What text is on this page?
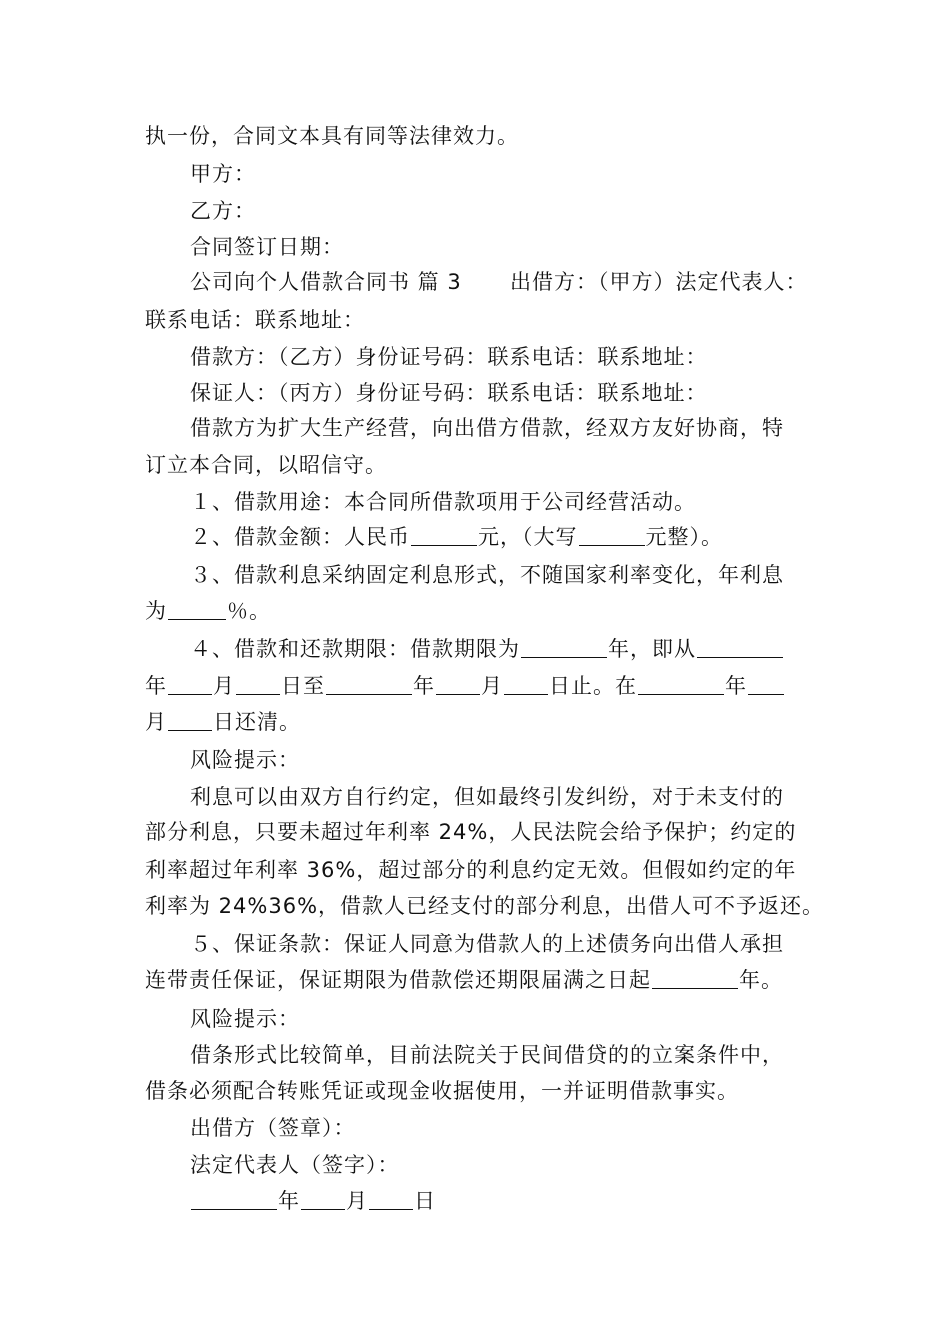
执一份，合同文本具有同等法律效力。
甲方：
乙方：
合同签订日期：
公司向个人借款合同书 篇 3 出借方：（甲方）法定代表人：
联系电话：联系地址：
借款方：（乙方）身份证号码：联系电话：联系地址：
保证人：（丙方）身份证号码：联系电话：联系地址：
借款方为扩大生产经营，向出借方借款，经双方友好协商，特
订立本合同，以昭信守。
１、借款用途：本合同所借款项用于公司经营活动。
２、借款金额：人民币	元，（大写	元整）。
３、借款利息采纳固定利息形式，不随国家利率变化，年利息
为	％。
４、借款和还款期限：借款期限为	年，即从
年 月 日至	年 月 日止。在	年
月 日还清。
风险提示：
利息可以由双方自行约定，但如最终引发纠纷，对于未支付的
部分利息，只要未超过年利率 24%，人民法院会给予保护；约定的
利率超过年利率 36%，超过部分的利息约定无效。但假如约定的年
利率为 24%36%，借款人已经支付的部分利息，出借人可不予返还。
５、保证条款：保证人同意为借款人的上述债务向出借人承担
连带责任保证，保证期限为借款偿还期限届满之日起	年。
风险提示：
借条形式比较简单，目前法院关于民间借贷的的立案条件中，
借条必须配合转账凭证或现金收据使用，一并证明借款事实。
出借方（签章）：
法定代表人（签字）：
年 月 日
